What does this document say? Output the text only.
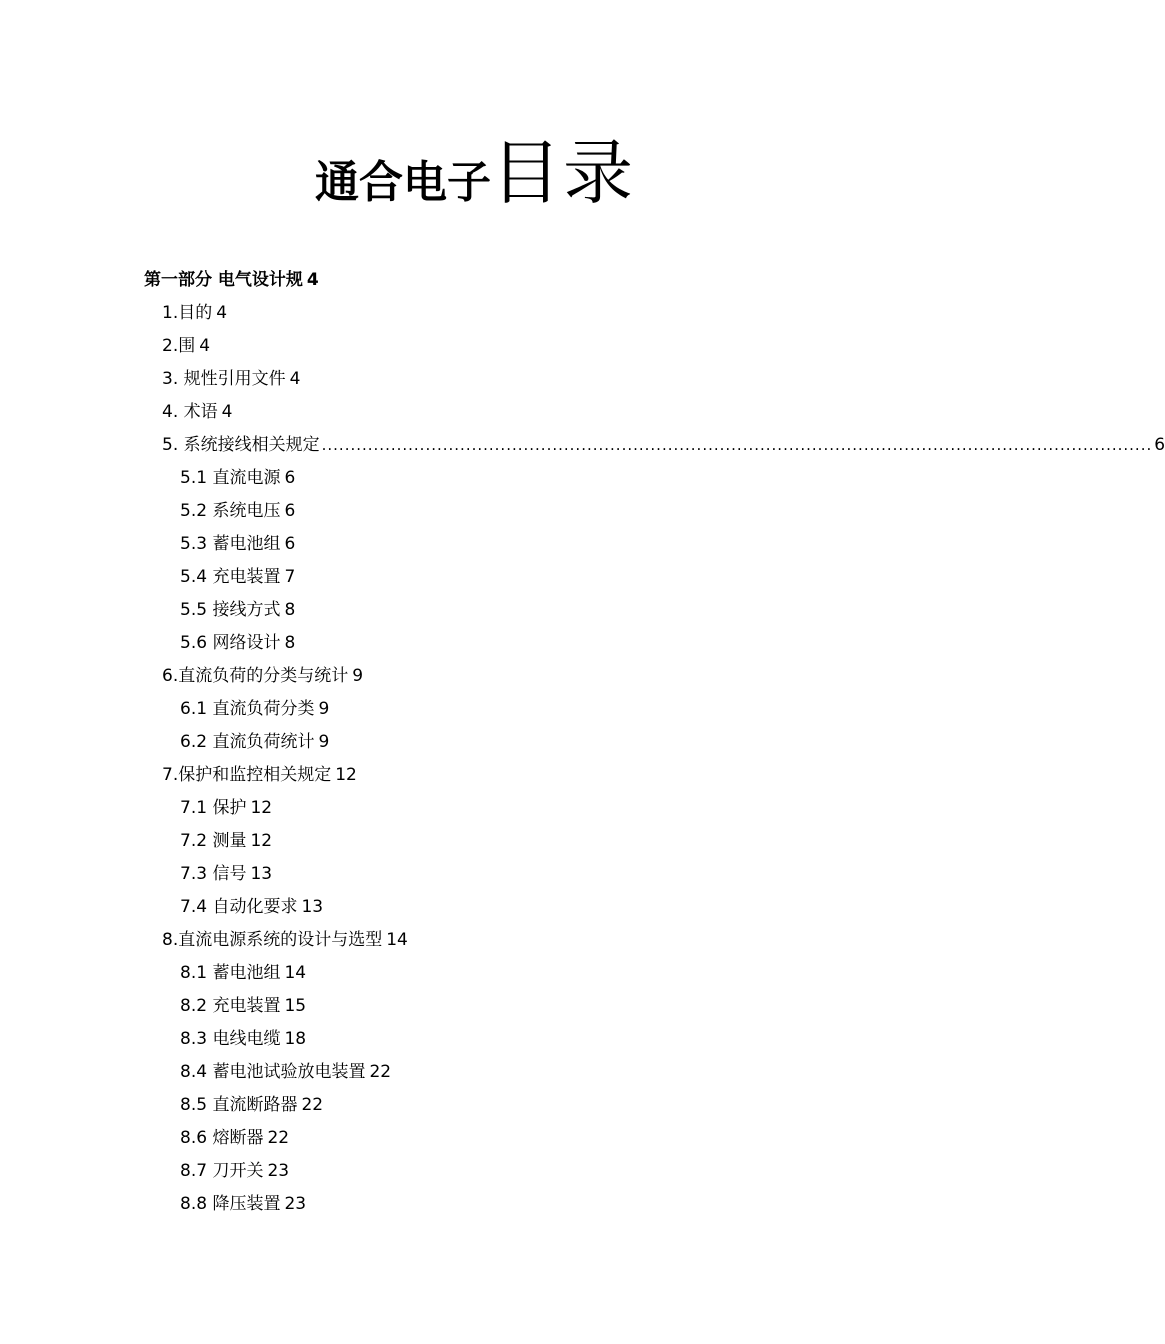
通合电子目录
第一部分 电气设计规 4
1.目的 4
2.围 4
3. 规性引用文件 4
4. 术语 4
5. 系统接线相关规定 ................................................................................................................................................ 6
5.1 直流电源 6
5.2 系统电压 6
5.3 蓄电池组 6
5.4 充电装置 7
5.5 接线方式 8
5.6 网络设计 8
6.直流负荷的分类与统计 9
6.1 直流负荷分类 9
6.2 直流负荷统计 9
7.保护和监控相关规定 12
7.1 保护 12
7.2 测量 12
7.3 信号 13
7.4 自动化要求 13
8.直流电源系统的设计与选型 14
8.1 蓄电池组 14
8.2 充电装置 15
8.3 电线电缆 18
8.4 蓄电池试验放电装置 22
8.5 直流断路器 22
8.6 熔断器 22
8.7 刀开关 23
8.8 降压装置 23
